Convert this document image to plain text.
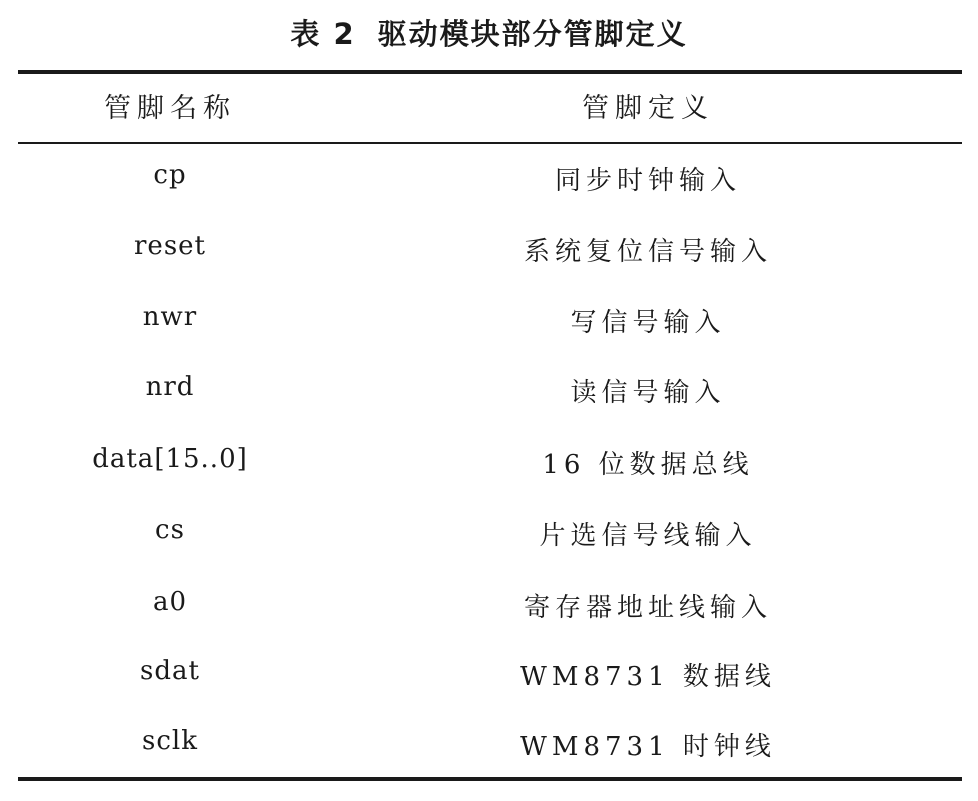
表 2 驱动模块部分管脚定义
管脚名称	管脚定义
cp	同步时钟输入
reset	系统复位信号输入
nwr	写信号输入
nrd	读信号输入
data[15..0]	16 位数据总线
cs	片选信号线输入
a0	寄存器地址线输入
sdat	WM8731 数据线
sclk	WM8731 时钟线
